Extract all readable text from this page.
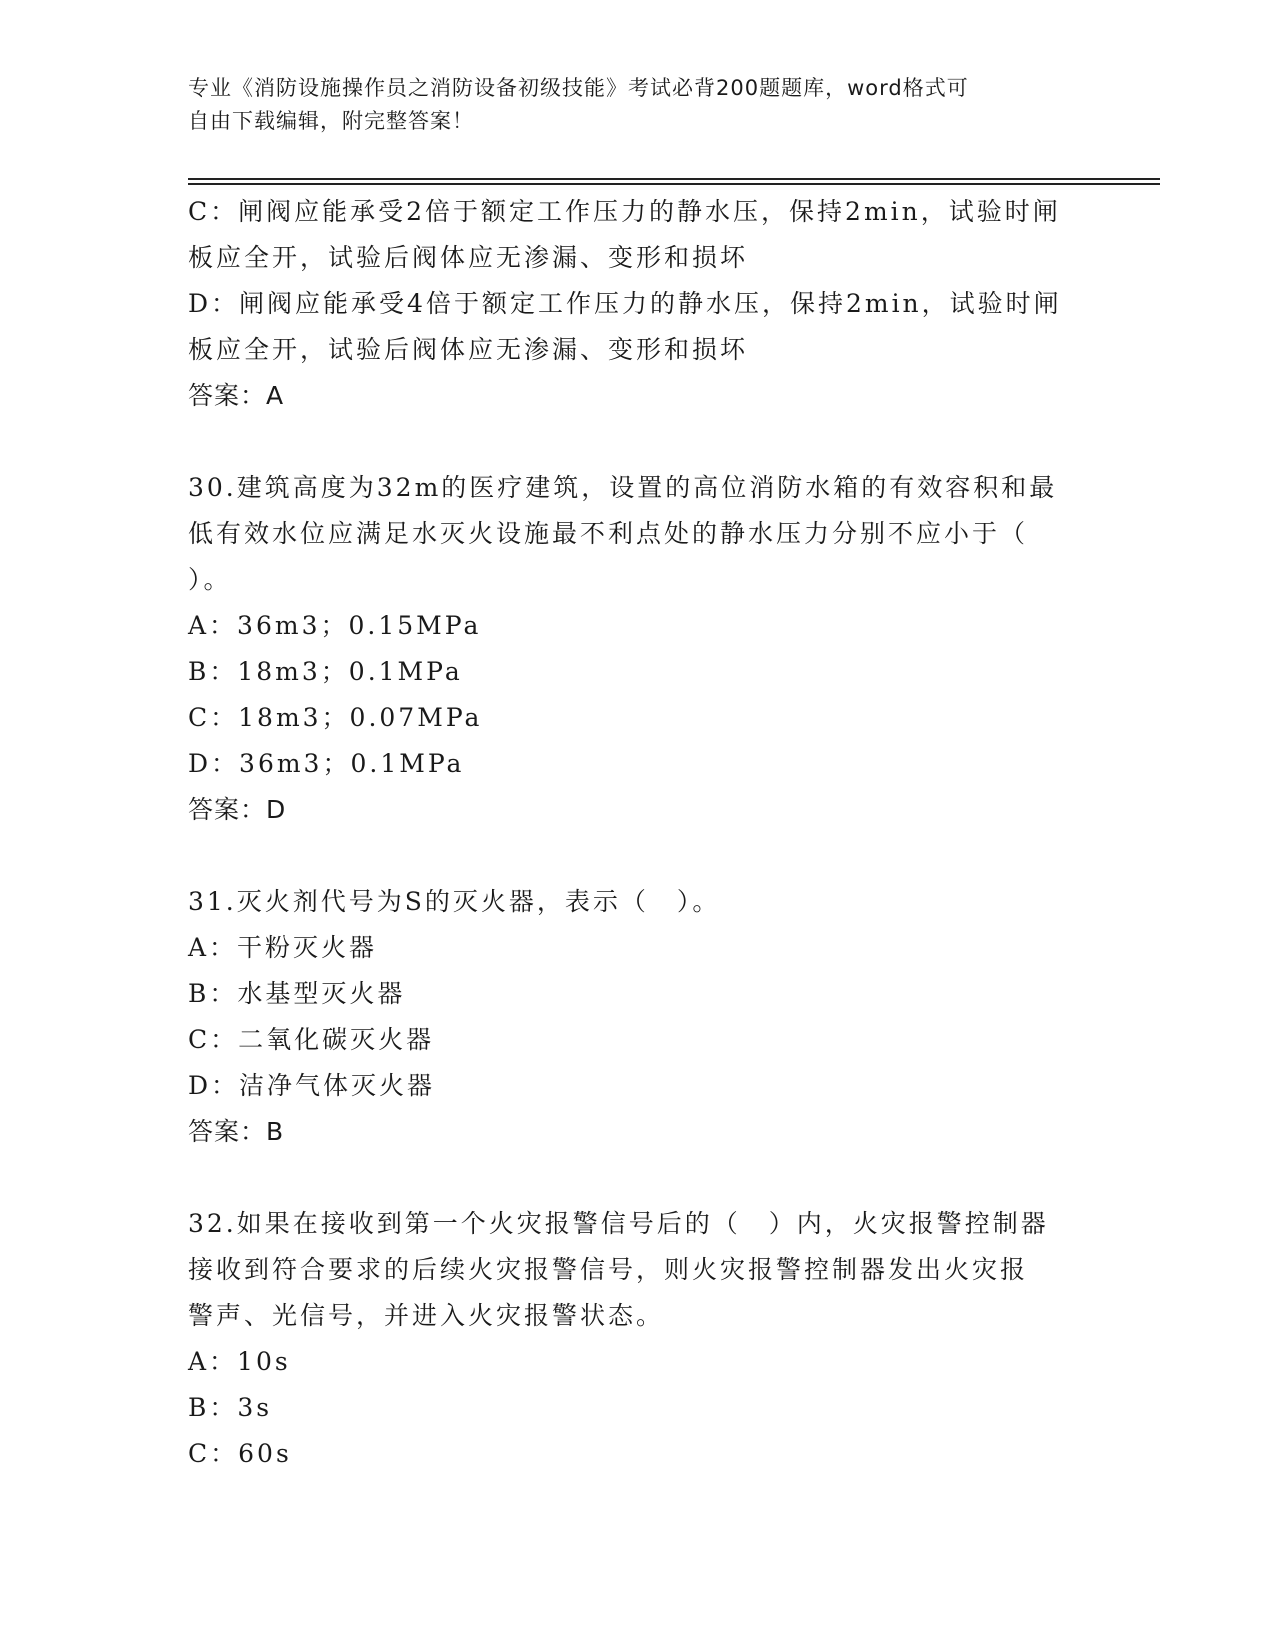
专业《消防设施操作员之消防设备初级技能》考试必背200题题库，word格式可
自由下载编辑，附完整答案！
C：闸阀应能承受2倍于额定工作压力的静水压，保持2min，试验时闸
板应全开，试验后阀体应无渗漏、变形和损坏
D：闸阀应能承受4倍于额定工作压力的静水压，保持2min，试验时闸
板应全开，试验后阀体应无渗漏、变形和损坏
答案：A
30.建筑高度为32m的医疗建筑，设置的高位消防水箱的有效容积和最
低有效水位应满足水灭火设施最不利点处的静水压力分别不应小于（
）。
A：36m3；0.15MPa
B：18m3；0.1MPa
C：18m3；0.07MPa
D：36m3；0.1MPa
答案：D
31.灭火剂代号为S的灭火器，表示（　）。
A：干粉灭火器
B：水基型灭火器
C：二氧化碳灭火器
D：洁净气体灭火器
答案：B
32.如果在接收到第一个火灾报警信号后的（　）内，火灾报警控制器
接收到符合要求的后续火灾报警信号，则火灾报警控制器发出火灾报
警声、光信号，并进入火灾报警状态。
A：10s
B：3s
C：60s
